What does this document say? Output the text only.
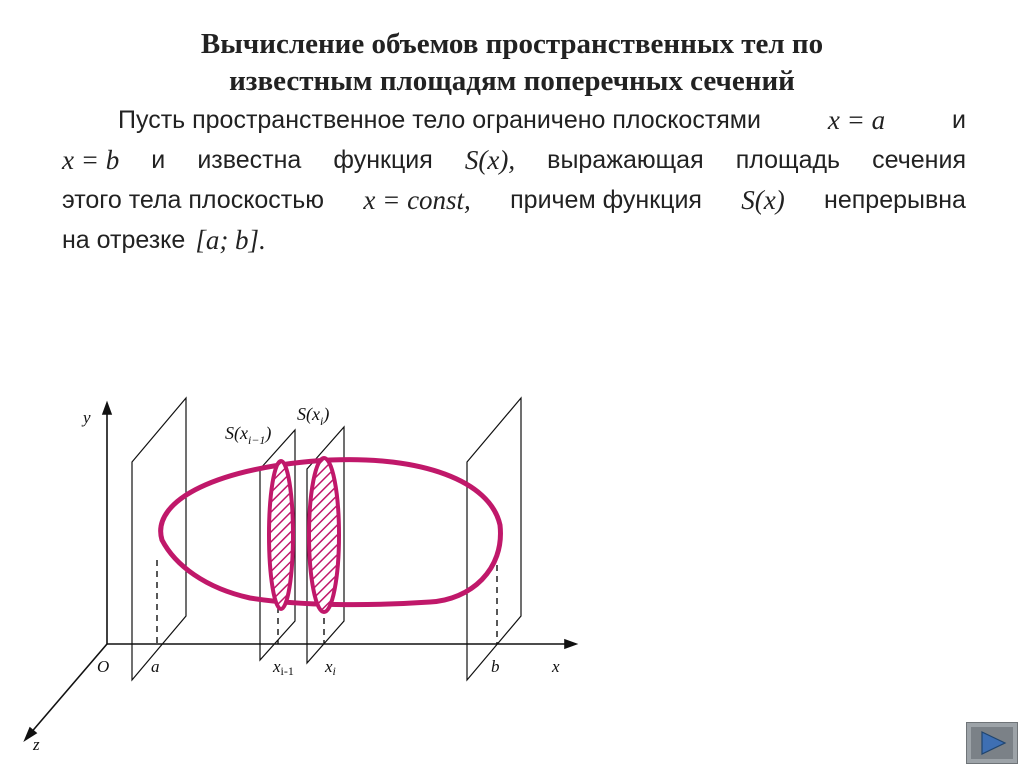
Вычисление объемов пространственных тел по
известным площадям поперечных сечений
Пусть пространственное тело ограничено плоскостями x = a	и
x = b и известна функция S(x), выражающая площадь сечения
этого тела плоскостью x = const, причем функция S(x) непрерывна
на отрезке [a; b].
y
x
z
O a	b
xi-1 xi
$S(x_{i-1})$
$S(x_i)$
